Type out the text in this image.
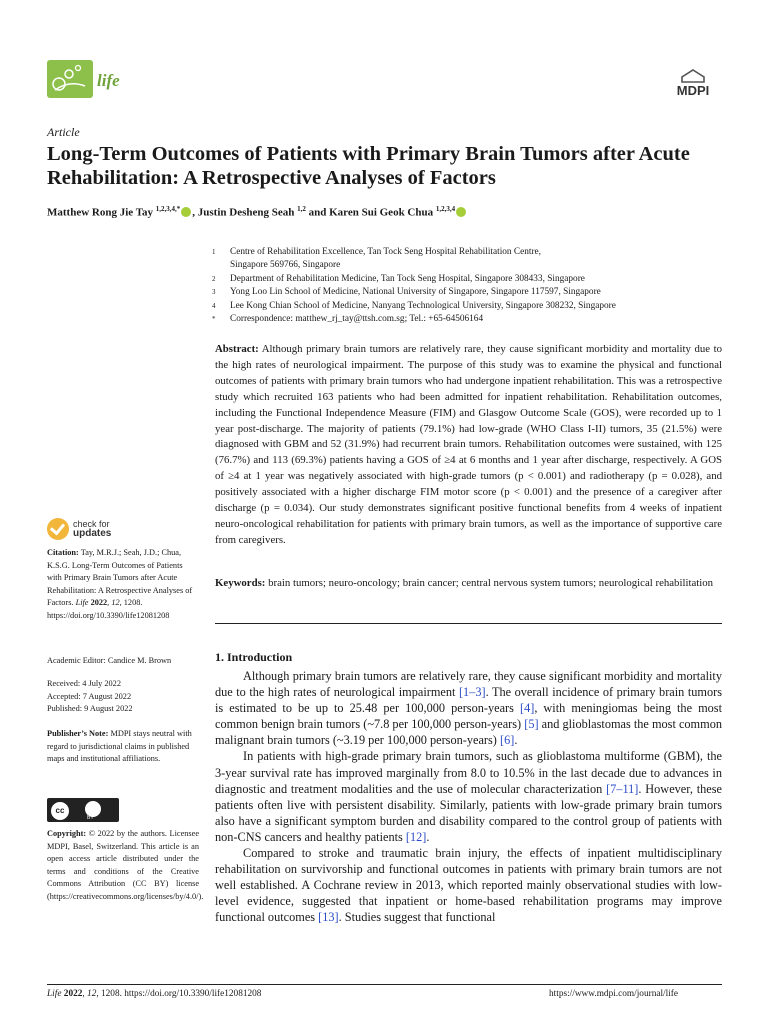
life
MDPI
Article
Long-Term Outcomes of Patients with Primary Brain Tumors after Acute Rehabilitation: A Retrospective Analyses of Factors
Matthew Rong Jie Tay $^{1,2,3,4,*}$ , Justin Desheng Seah $^{1,2}$ and Karen Sui Geok Chua $^{1,2,3,4}$
1	Centre of Rehabilitation Excellence, Tan Tock Seng Hospital Rehabilitation Centre,
Singapore 569766, Singapore
2	Department of Rehabilitation Medicine, Tan Tock Seng Hospital, Singapore 308433, Singapore
3	Yong Loo Lin School of Medicine, National University of Singapore, Singapore 117597, Singapore
4	Lee Kong Chian School of Medicine, Nanyang Technological University, Singapore 308232, Singapore
*	Correspondence: matthew_rj_tay@ttsh.com.sg; Tel.: +65-64506164
Abstract: Although primary brain tumors are relatively rare, they cause significant morbidity and mortality due to the high rates of neurological impairment. The purpose of this study was to examine the physical and functional outcomes of patients with primary brain tumors who had undergone inpatient rehabilitation. This was a retrospective study which recruited 163 patients who had been admitted for inpatient rehabilitation. Rehabilitation outcomes, including the Functional Independence Measure (FIM) and Glasgow Outcome Scale (GOS), were recorded up to 1 year post-discharge. The majority of patients (79.1%) had low-grade (WHO Class I-II) tumors, 35 (21.5%) were diagnosed with GBM and 52 (31.9%) had recurrent brain tumors. Rehabilitation outcomes were sustained, with 125 (76.7%) and 113 (69.3%) patients having a GOS of ≥4 at 6 months and 1 year after discharge, respectively. A GOS of ≥4 at 1 year was negatively associated with high-grade tumors (p < 0.001) and radiotherapy (p = 0.028), and positively associated with a higher discharge FIM motor score (p < 0.001) and the presence of a caregiver after discharge (p = 0.034). Our study demonstrates significant positive functional benefits from 4 weeks of inpatient neuro-oncological rehabilitation for patients with primary brain tumors, as well as the importance of supportive care from caregivers.
Keywords: brain tumors; neuro-oncology; brain cancer; central nervous system tumors; neurological rehabilitation
1. Introduction

Although primary brain tumors are relatively rare, they cause significant morbidity and mortality due to the high rates of neurological impairment [1–3]. The overall incidence of primary brain tumors is estimated to be up to 25.48 per 100,000 person-years [4], with meningiomas being the most common benign brain tumors (~7.8 per 100,000 person-years) [5] and glioblastomas the most common malignant brain tumors (~3.19 per 100,000 person-years) [6].

In patients with high-grade primary brain tumors, such as glioblastoma multiforme (GBM), the 3-year survival rate has improved marginally from 8.0 to 10.5% in the last decade due to advances in diagnostic and treatment modalities and the use of molecular characterization [7–11]. However, these patients often live with persistent disability. Similarly, patients with low-grade primary brain tumors also have a significant symptom burden and disability compared to the control group of patients with non-CNS cancers and healthy patients [12].

Compared to stroke and traumatic brain injury, the effects of inpatient multidisciplinary rehabilitation on survivorship and functional outcomes in patients with primary brain tumors are not well established. A Cochrane review in 2013, which reported mainly observational studies with low-level evidence, suggested that inpatient or home-based rehabilitation programs may improve functional outcomes [13]. Studies suggest that functional

check for
updates
Citation: Tay, M.R.J.; Seah, J.D.; Chua, K.S.G. Long-Term Outcomes of Patients with Primary Brain Tumors after Acute Rehabilitation: A Retrospective Analyses of Factors. Life 2022, 12, 1208. https://doi.org/10.3390/life12081208
Academic Editor: Candice M. Brown
Received: 4 July 2022
Accepted: 7 August 2022
Published: 9 August 2022
Publisher’s Note: MDPI stays neutral with regard to jurisdictional claims in published maps and institutional affiliations.
cc
BY
Copyright: © 2022 by the authors. Licensee MDPI, Basel, Switzerland. This article is an open access article distributed under the terms and conditions of the Creative Commons Attribution (CC BY) license (https://creativecommons.org/licenses/by/4.0/).
Life 2022, 12, 1208. https://doi.org/10.3390/life12081208	https://www.mdpi.com/journal/life
